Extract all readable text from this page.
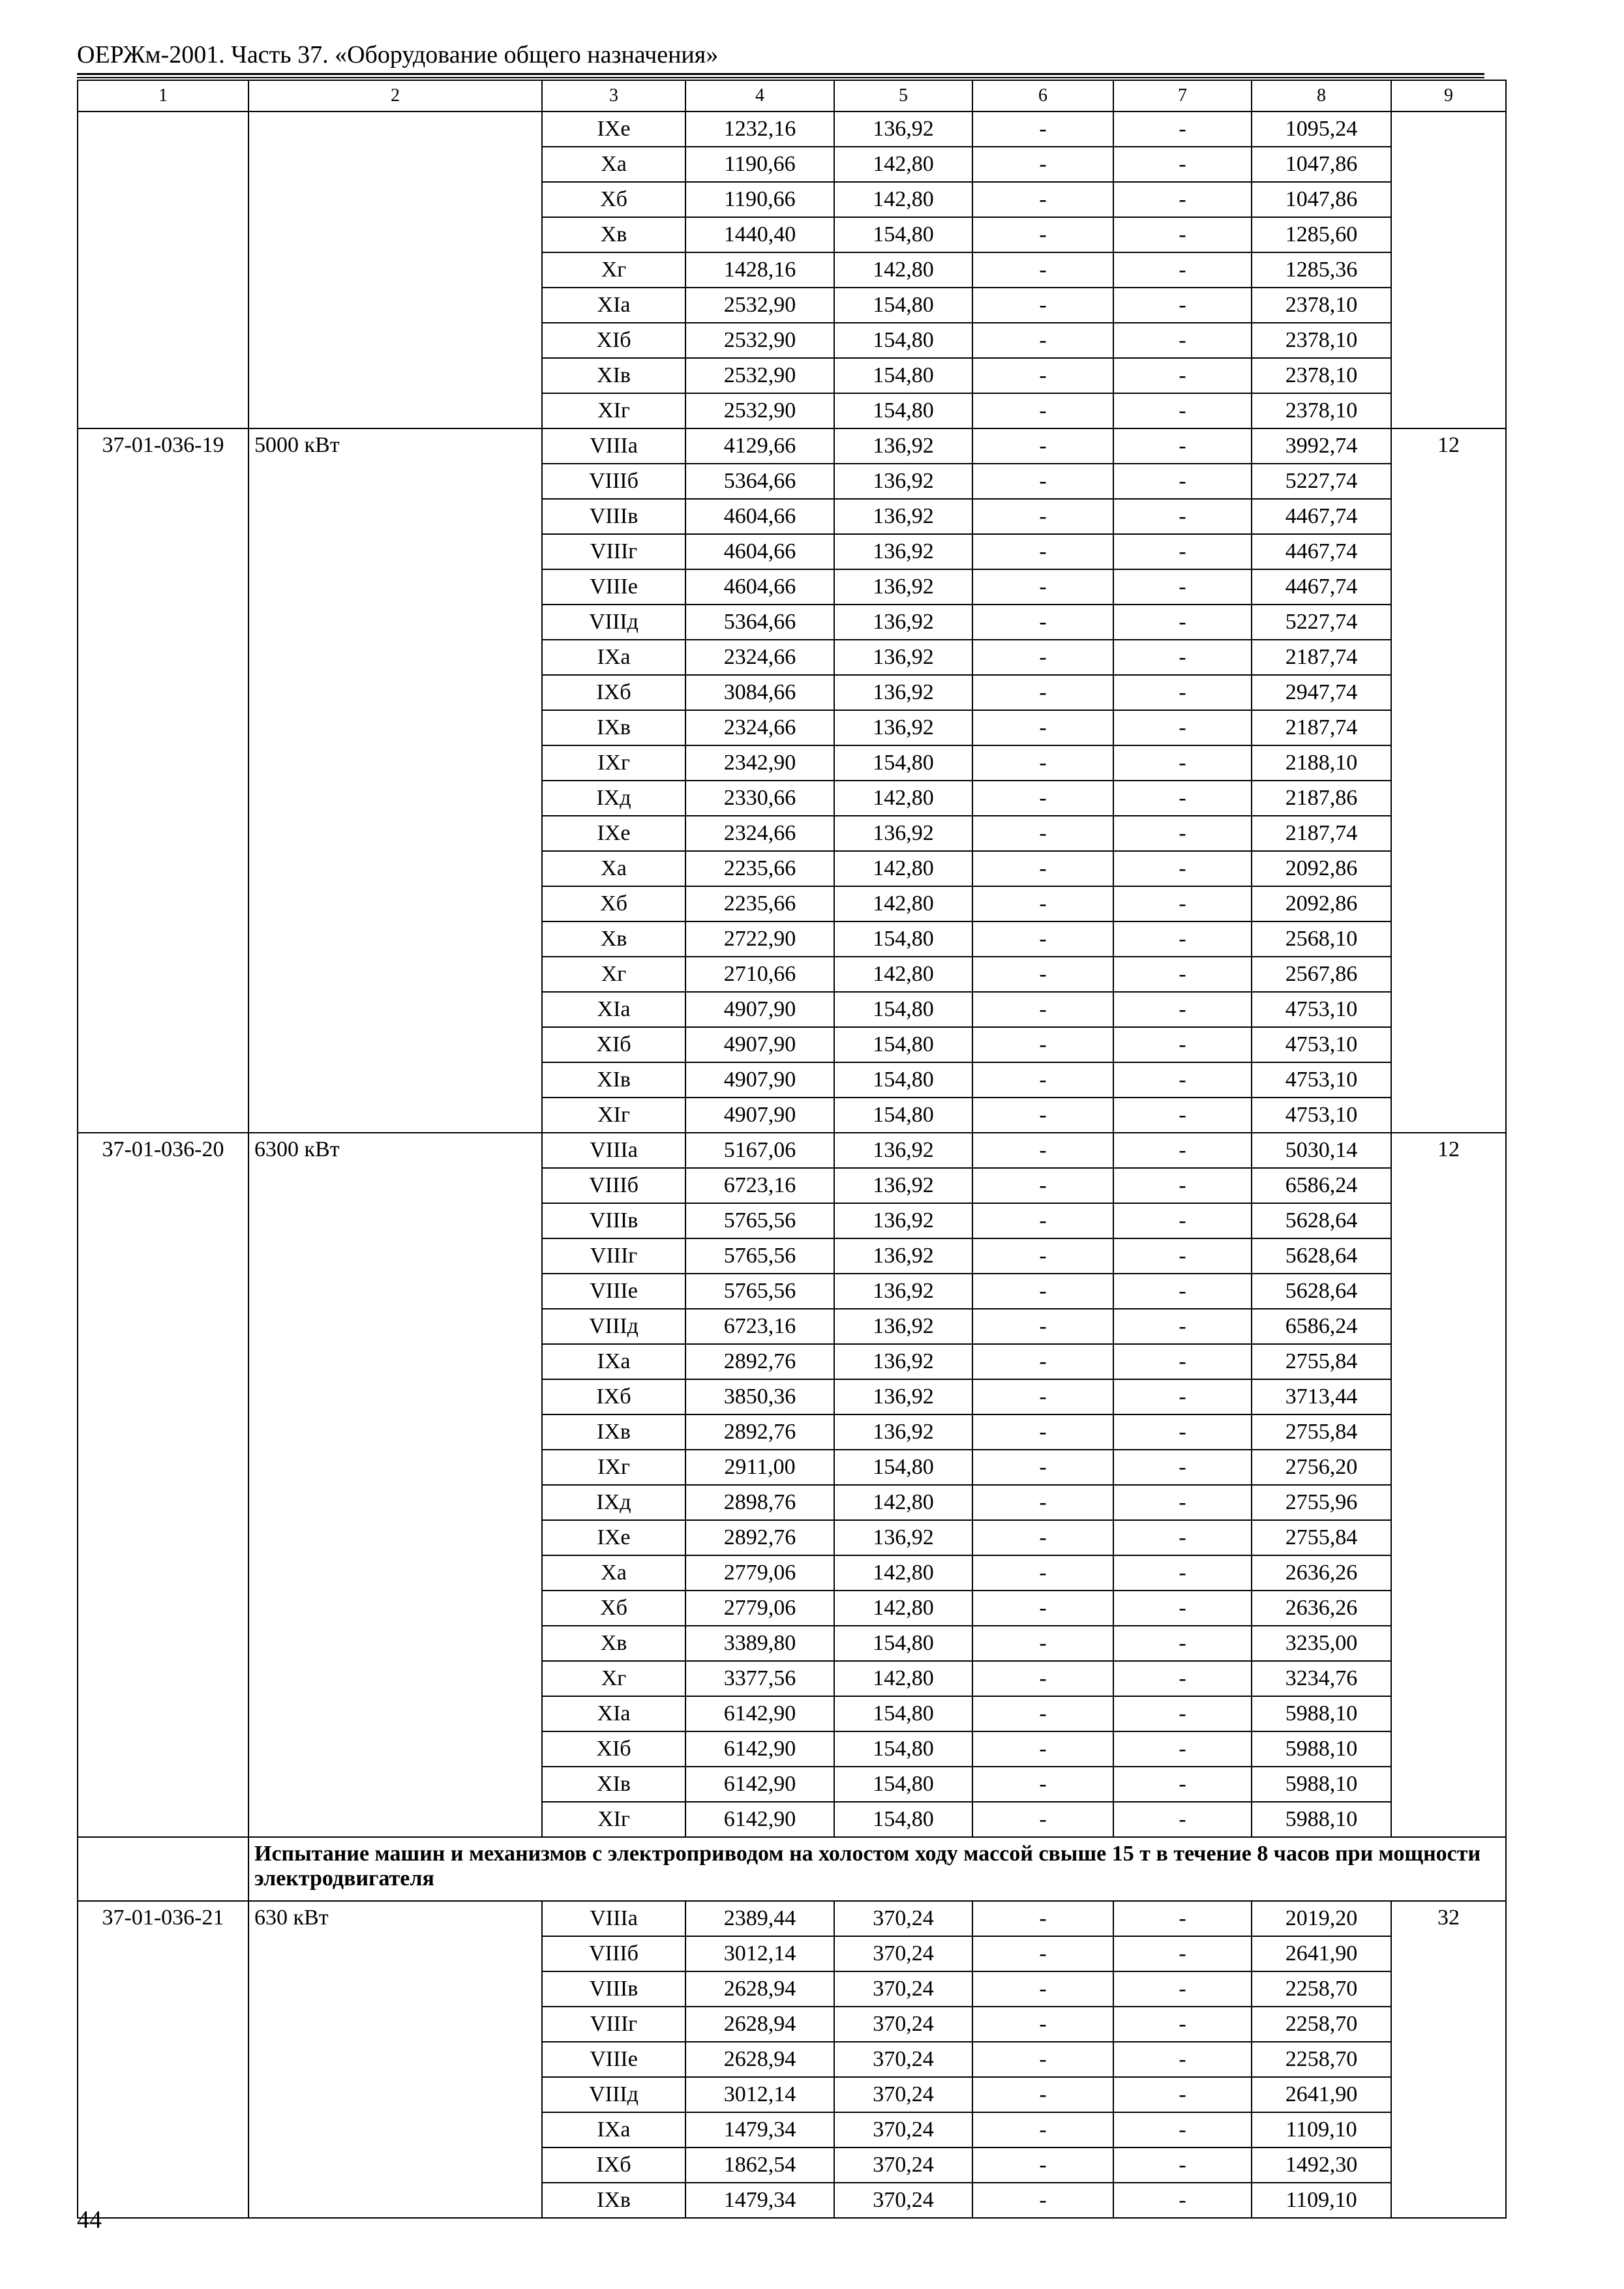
ОЕРЖм-2001. Часть 37. «Оборудование общего назначения»
1	2	3	4	5	6	7	8	9
		IXе	1232,16	136,92	-	-	1095,24	
		Xа	1190,66	142,80	-	-	1047,86	
		Xб	1190,66	142,80	-	-	1047,86	
		Xв	1440,40	154,80	-	-	1285,60	
		Xг	1428,16	142,80	-	-	1285,36	
		XIа	2532,90	154,80	-	-	2378,10	
		XIб	2532,90	154,80	-	-	2378,10	
		XIв	2532,90	154,80	-	-	2378,10	
		XIг	2532,90	154,80	-	-	2378,10	
37-01-036-19	5000 кВт	VIIIа	4129,66	136,92	-	-	3992,74	12
		VIIIб	5364,66	136,92	-	-	5227,74	
		VIIIв	4604,66	136,92	-	-	4467,74	
		VIIIг	4604,66	136,92	-	-	4467,74	
		VIIIе	4604,66	136,92	-	-	4467,74	
		VIIIд	5364,66	136,92	-	-	5227,74	
		IXа	2324,66	136,92	-	-	2187,74	
		IXб	3084,66	136,92	-	-	2947,74	
		IXв	2324,66	136,92	-	-	2187,74	
		IXг	2342,90	154,80	-	-	2188,10	
		IXд	2330,66	142,80	-	-	2187,86	
		IXе	2324,66	136,92	-	-	2187,74	
		Xа	2235,66	142,80	-	-	2092,86	
		Xб	2235,66	142,80	-	-	2092,86	
		Xв	2722,90	154,80	-	-	2568,10	
		Xг	2710,66	142,80	-	-	2567,86	
		XIа	4907,90	154,80	-	-	4753,10	
		XIб	4907,90	154,80	-	-	4753,10	
		XIв	4907,90	154,80	-	-	4753,10	
		XIг	4907,90	154,80	-	-	4753,10	
37-01-036-20	6300 кВт	VIIIа	5167,06	136,92	-	-	5030,14	12
		VIIIб	6723,16	136,92	-	-	6586,24	
		VIIIв	5765,56	136,92	-	-	5628,64	
		VIIIг	5765,56	136,92	-	-	5628,64	
		VIIIе	5765,56	136,92	-	-	5628,64	
		VIIIд	6723,16	136,92	-	-	6586,24	
		IXа	2892,76	136,92	-	-	2755,84	
		IXб	3850,36	136,92	-	-	3713,44	
		IXв	2892,76	136,92	-	-	2755,84	
		IXг	2911,00	154,80	-	-	2756,20	
		IXд	2898,76	142,80	-	-	2755,96	
		IXе	2892,76	136,92	-	-	2755,84	
		Xа	2779,06	142,80	-	-	2636,26	
		Xб	2779,06	142,80	-	-	2636,26	
		Xв	3389,80	154,80	-	-	3235,00	
		Xг	3377,56	142,80	-	-	3234,76	
		XIа	6142,90	154,80	-	-	5988,10	
		XIб	6142,90	154,80	-	-	5988,10	
		XIв	6142,90	154,80	-	-	5988,10	
		XIг	6142,90	154,80	-	-	5988,10	
	Испытание машин и механизмов с электроприводом на холостом ходу массой свыше 15 т в течение 8 часов при мощности электродвигателя							
37-01-036-21	630 кВт	VIIIа	2389,44	370,24	-	-	2019,20	32
		VIIIб	3012,14	370,24	-	-	2641,90	
		VIIIв	2628,94	370,24	-	-	2258,70	
		VIIIг	2628,94	370,24	-	-	2258,70	
		VIIIе	2628,94	370,24	-	-	2258,70	
		VIIIд	3012,14	370,24	-	-	2641,90	
		IXа	1479,34	370,24	-	-	1109,10	
		IXб	1862,54	370,24	-	-	1492,30	
		IXв	1479,34	370,24	-	-	1109,10	
44
